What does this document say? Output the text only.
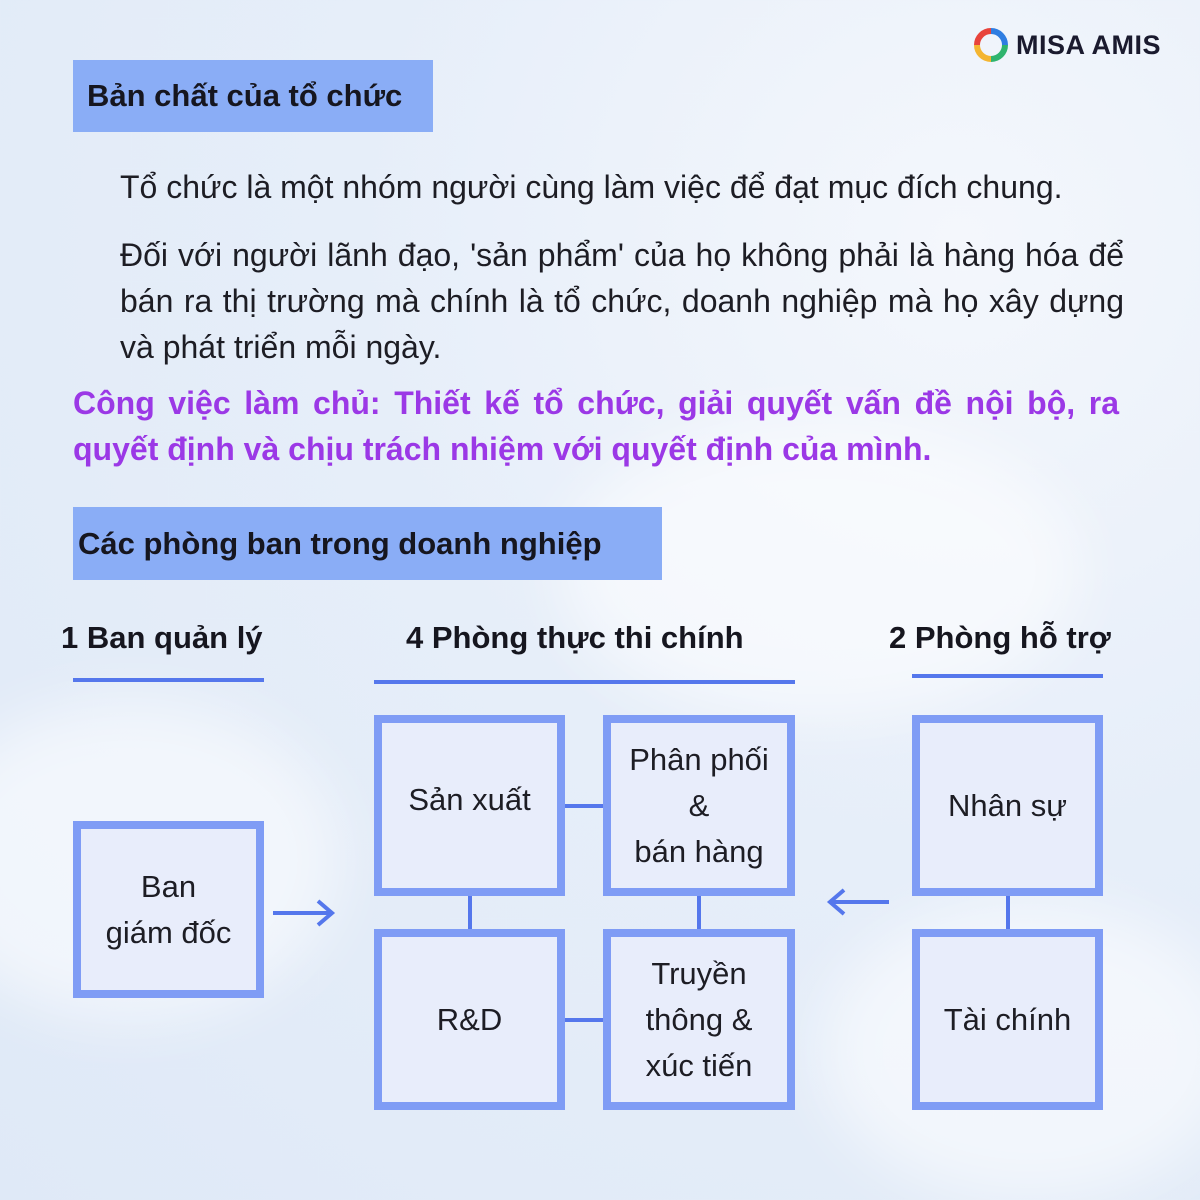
MISA AMIS
Bản chất của tổ chức
Tổ chức là một nhóm người cùng làm việc để đạt mục đích chung.
Đối với người lãnh đạo, 'sản phẩm' của họ không phải là hàng hóa để bán ra thị trường mà chính là tổ chức, doanh nghiệp mà họ xây dựng và phát triển mỗi ngày.
Công việc làm chủ: Thiết kế tổ chức, giải quyết vấn đề nội bộ, ra quyết định và chịu trách nhiệm với quyết định của mình.
Các phòng ban trong doanh nghiệp
1 Ban quản lý	4 Phòng thực thi chính	2 Phòng hỗ trợ
Ban
giám đốc
Sản xuất
Phân phối
&
bán hàng
R&D
Truyền
thông &
xúc tiến
Nhân sự
Tài chính
